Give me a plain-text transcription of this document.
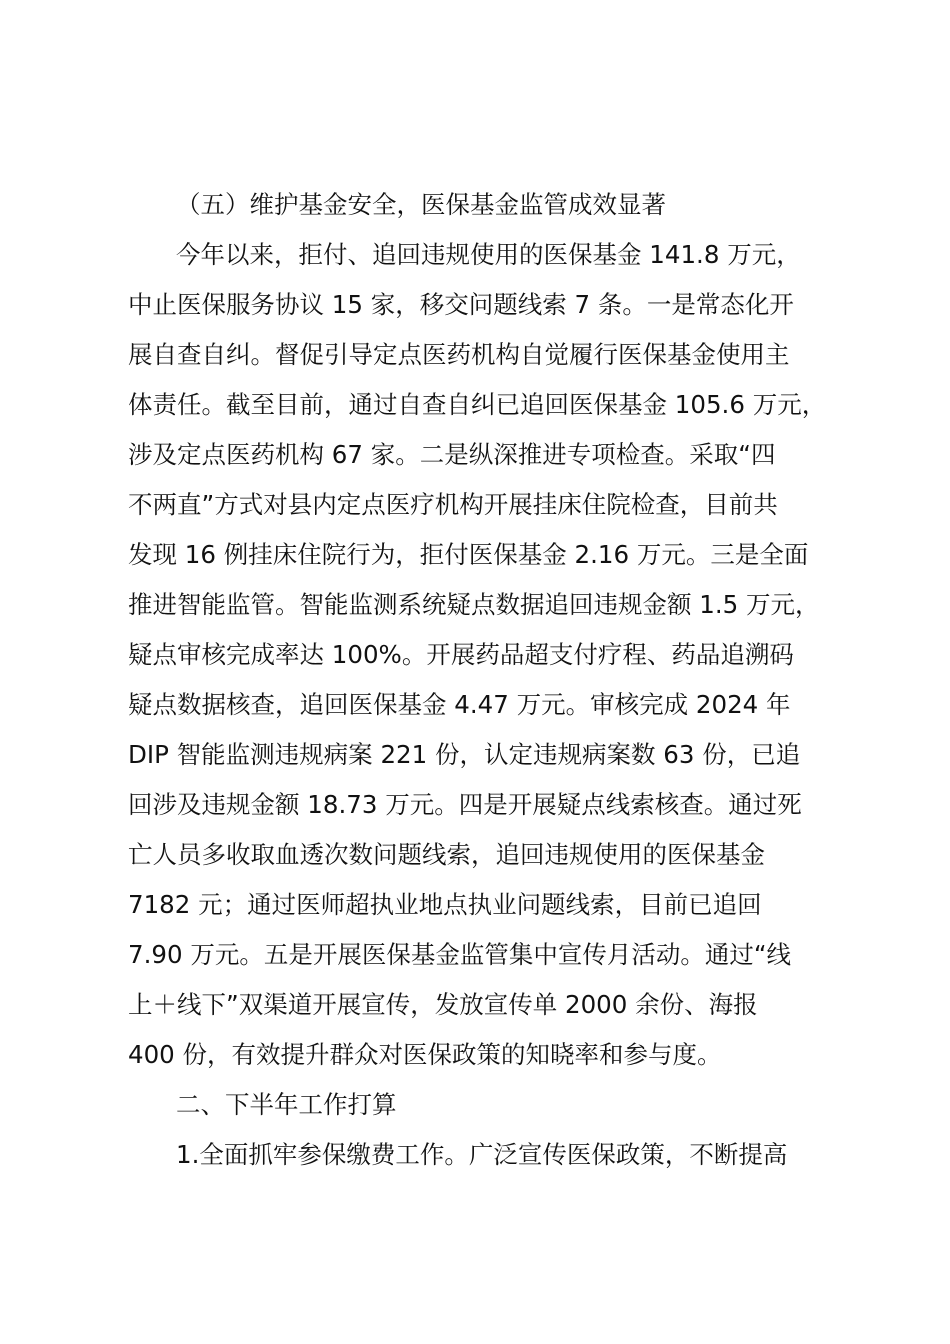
（五）维护基金安全，医保基金监管成效显著
今年以来，拒付、追回违规使用的医保基金 141.8 万元，
中止医保服务协议 15 家，移交问题线索 7 条。一是常态化开
展自查自纠。督促引导定点医药机构自觉履行医保基金使用主
体责任。截至目前，通过自查自纠已追回医保基金 105.6 万元，
涉及定点医药机构 67 家。二是纵深推进专项检查。采取“四
不两直”方式对县内定点医疗机构开展挂床住院检查，目前共
发现 16 例挂床住院行为，拒付医保基金 2.16 万元。三是全面
推进智能监管。智能监测系统疑点数据追回违规金额 1.5 万元，
疑点审核完成率达 100%。开展药品超支付疗程、药品追溯码
疑点数据核查，追回医保基金 4.47 万元。审核完成 2024 年
DIP 智能监测违规病案 221 份，认定违规病案数 63 份，已追
回涉及违规金额 18.73 万元。四是开展疑点线索核查。通过死
亡人员多收取血透次数问题线索，追回违规使用的医保基金
7182 元；通过医师超执业地点执业问题线索，目前已追回
7.90 万元。五是开展医保基金监管集中宣传月活动。通过“线
上＋线下”双渠道开展宣传，发放宣传单 2000 余份、海报
400 份，有效提升群众对医保政策的知晓率和参与度。
二、下半年工作打算
1.全面抓牢参保缴费工作。广泛宣传医保政策，不断提高
